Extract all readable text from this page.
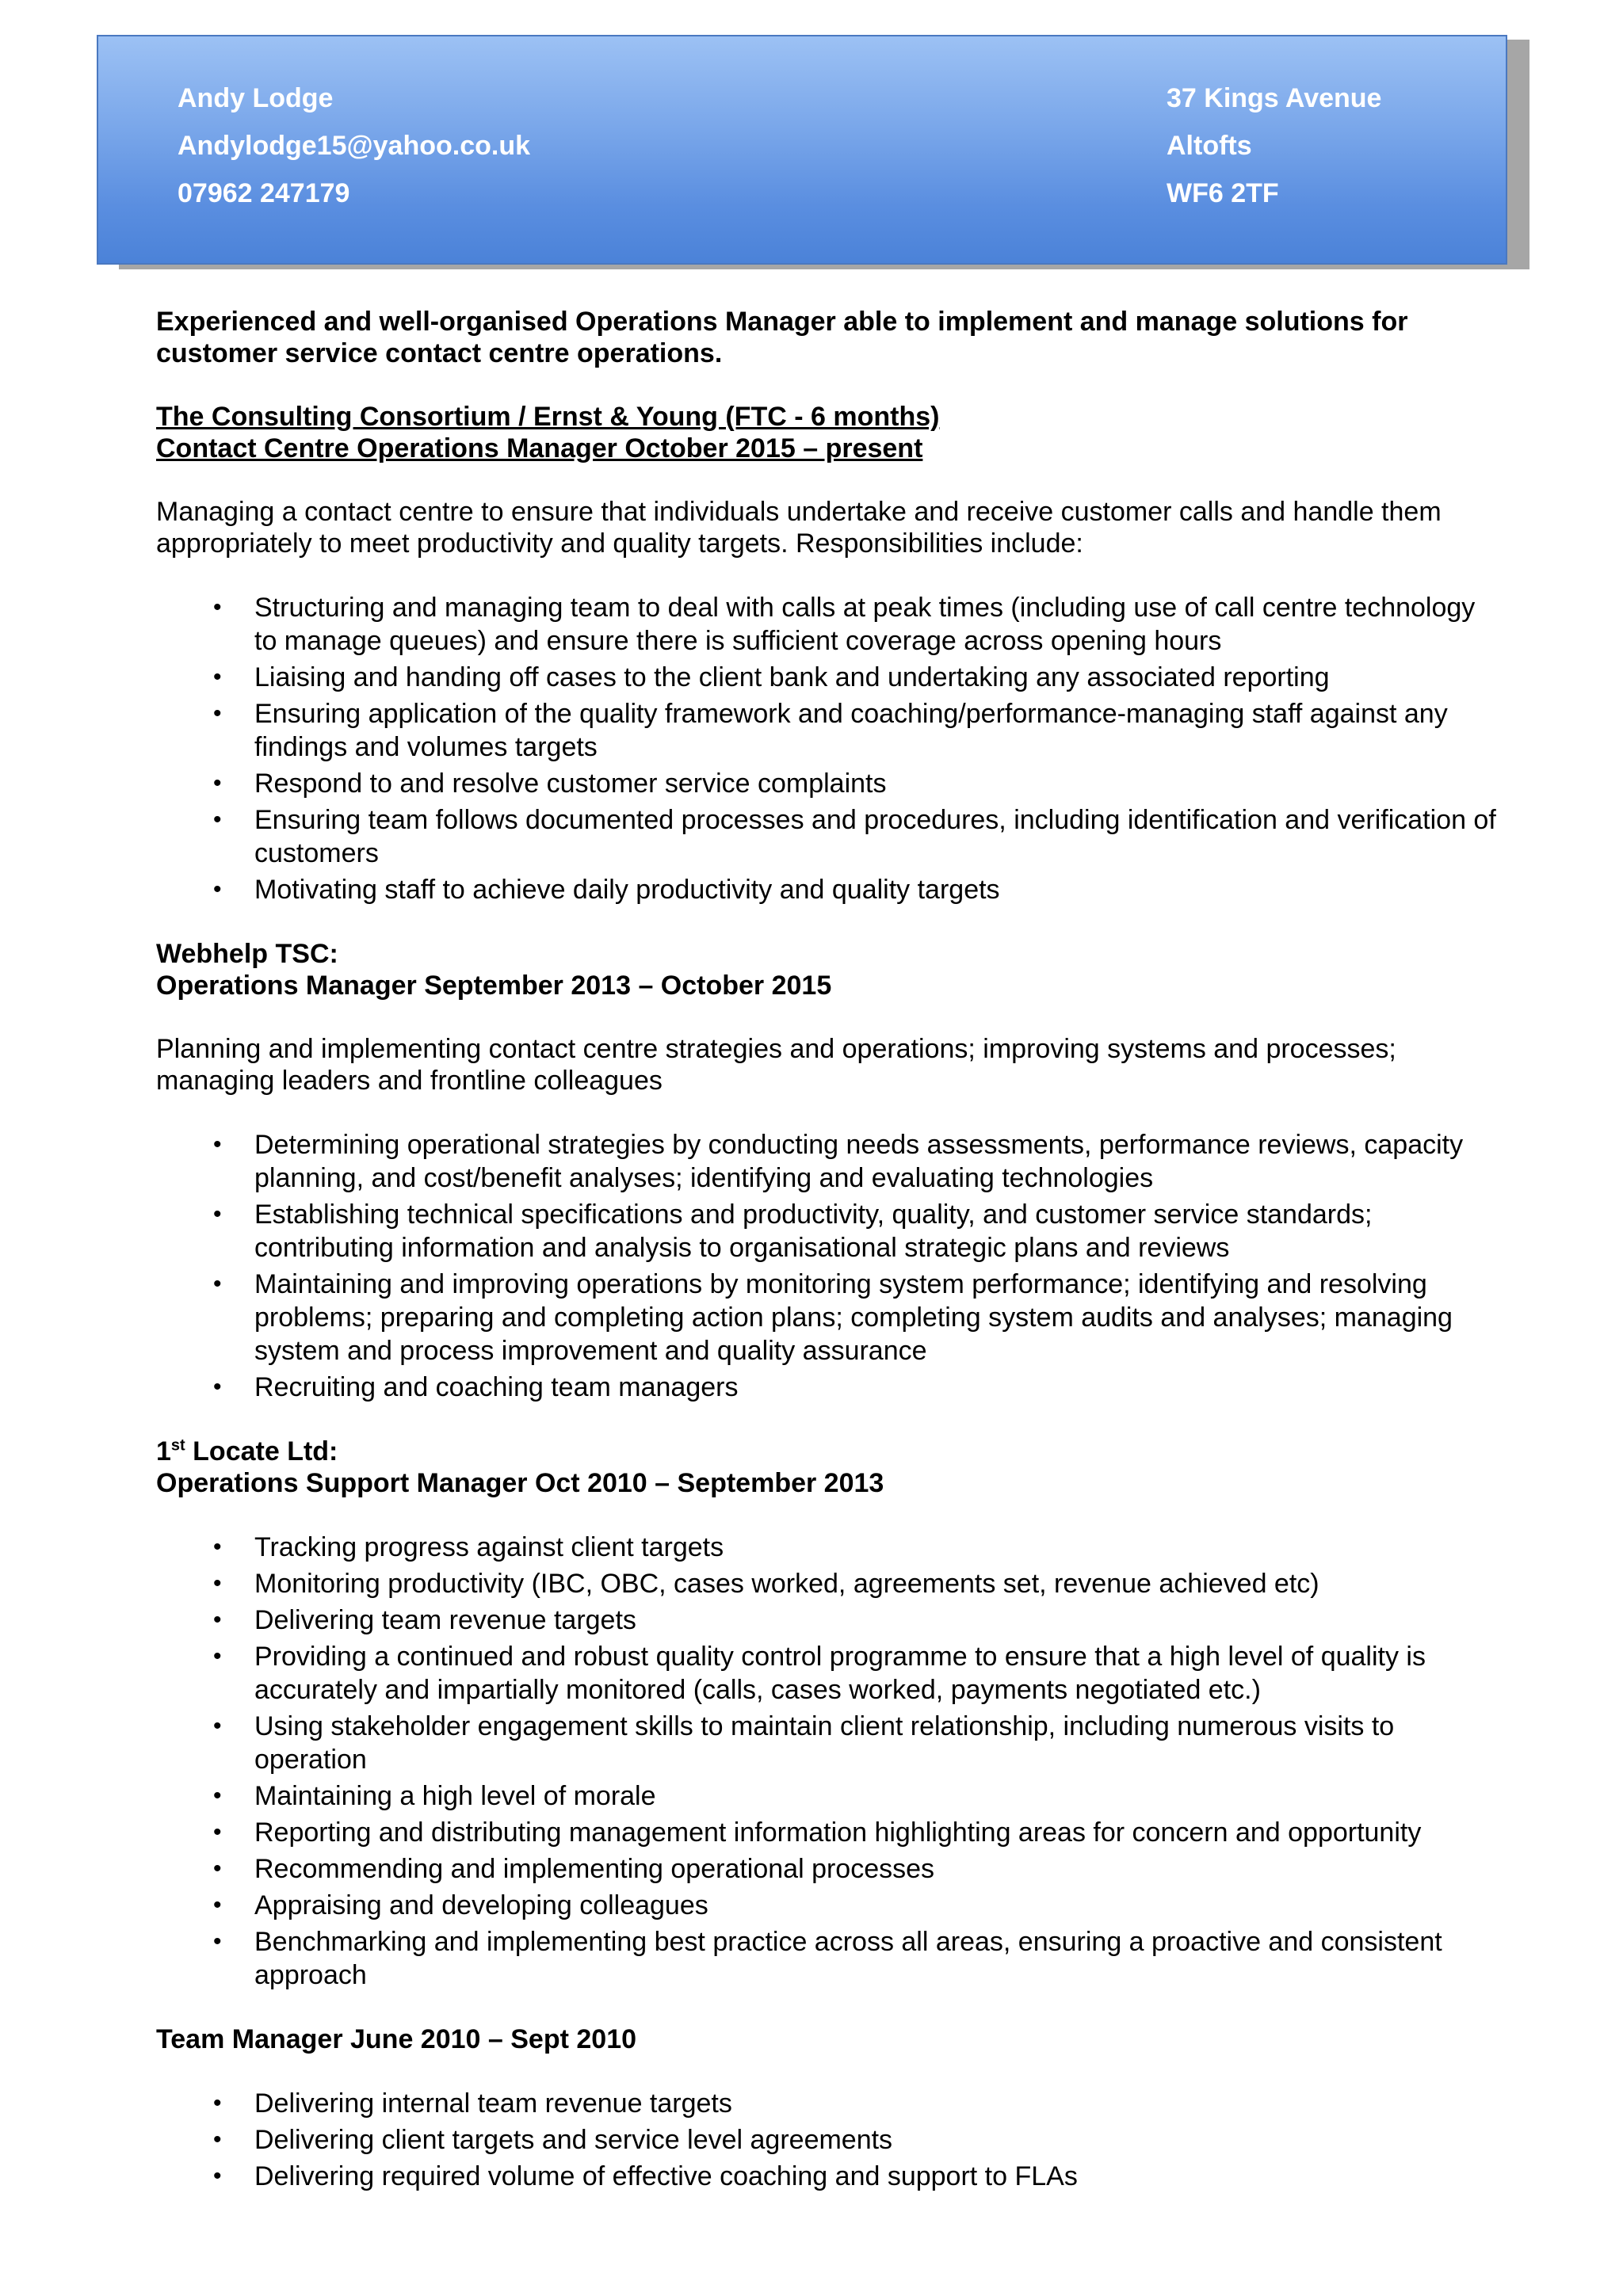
Andy Lodge
Andylodge15@yahoo.co.uk
07962 247179
37 Kings Avenue
Altofts
WF6 2TF

Experienced and well-organised Operations Manager able to implement and manage solutions for customer service contact centre operations.

The Consulting Consortium / Ernst & Young (FTC - 6 months)

Contact Centre Operations Manager October 2015 – present

Managing a contact centre to ensure that individuals undertake and receive customer calls and handle them appropriately to meet productivity and quality targets. Responsibilities include:

• Structuring and managing team to deal with calls at peak times (including use of call centre technology to manage queues) and ensure there is sufficient coverage across opening hours
• Liaising and handing off cases to the client bank and undertaking any associated reporting
• Ensuring application of the quality framework and coaching/performance-managing staff against any findings and volumes targets
• Respond to and resolve customer service complaints
• Ensuring team follows documented processes and procedures, including identification and verification of customers
• Motivating staff to achieve daily productivity and quality targets

Webhelp TSC:

Operations Manager September 2013 – October 2015

Planning and implementing contact centre strategies and operations; improving systems and processes; managing leaders and frontline colleagues

• Determining operational strategies by conducting needs assessments, performance reviews, capacity planning, and cost/benefit analyses; identifying and evaluating technologies
• Establishing technical specifications and productivity, quality, and customer service standards; contributing information and analysis to organisational strategic plans and reviews
• Maintaining and improving operations by monitoring system performance; identifying and resolving problems; preparing and completing action plans; completing system audits and analyses; managing system and process improvement and quality assurance
• Recruiting and coaching team managers

1st Locate Ltd:

Operations Support Manager Oct 2010 – September 2013

• Tracking progress against client targets
• Monitoring productivity (IBC, OBC, cases worked, agreements set, revenue achieved etc)
• Delivering team revenue targets
• Providing a continued and robust quality control programme to ensure that a high level of quality is accurately and impartially monitored (calls, cases worked, payments negotiated etc.)
• Using stakeholder engagement skills to maintain client relationship, including numerous visits to operation
• Maintaining a high level of morale
• Reporting and distributing management information highlighting areas for concern and opportunity
• Recommending and implementing operational processes
• Appraising and developing colleagues
• Benchmarking and implementing best practice across all areas, ensuring a proactive and consistent approach

Team Manager June 2010 – Sept 2010

• Delivering internal team revenue targets
• Delivering client targets and service level agreements
• Delivering required volume of effective coaching and support to FLAs
